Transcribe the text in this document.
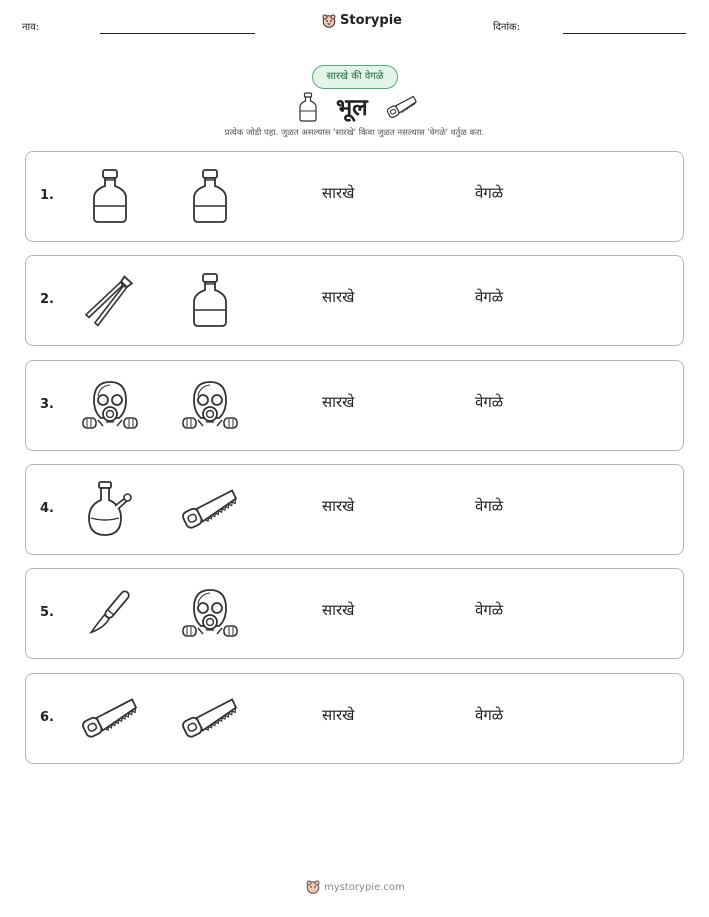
नाव:	Storypie	दिनांक:
सारखे की वेगळे
भूल
प्रत्येक जोडी पहा. जुळत असल्यास 'सारखे' किंवा जुळत नसल्यास 'वेगळे' वर्तुळ करा.
1.	सारखे	वेगळे
2.	सारखे	वेगळे
3.	सारखे	वेगळे
4.	सारखे	वेगळे
5.	सारखे	वेगळे
6.	सारखे	वेगळे
mystorypie.com
